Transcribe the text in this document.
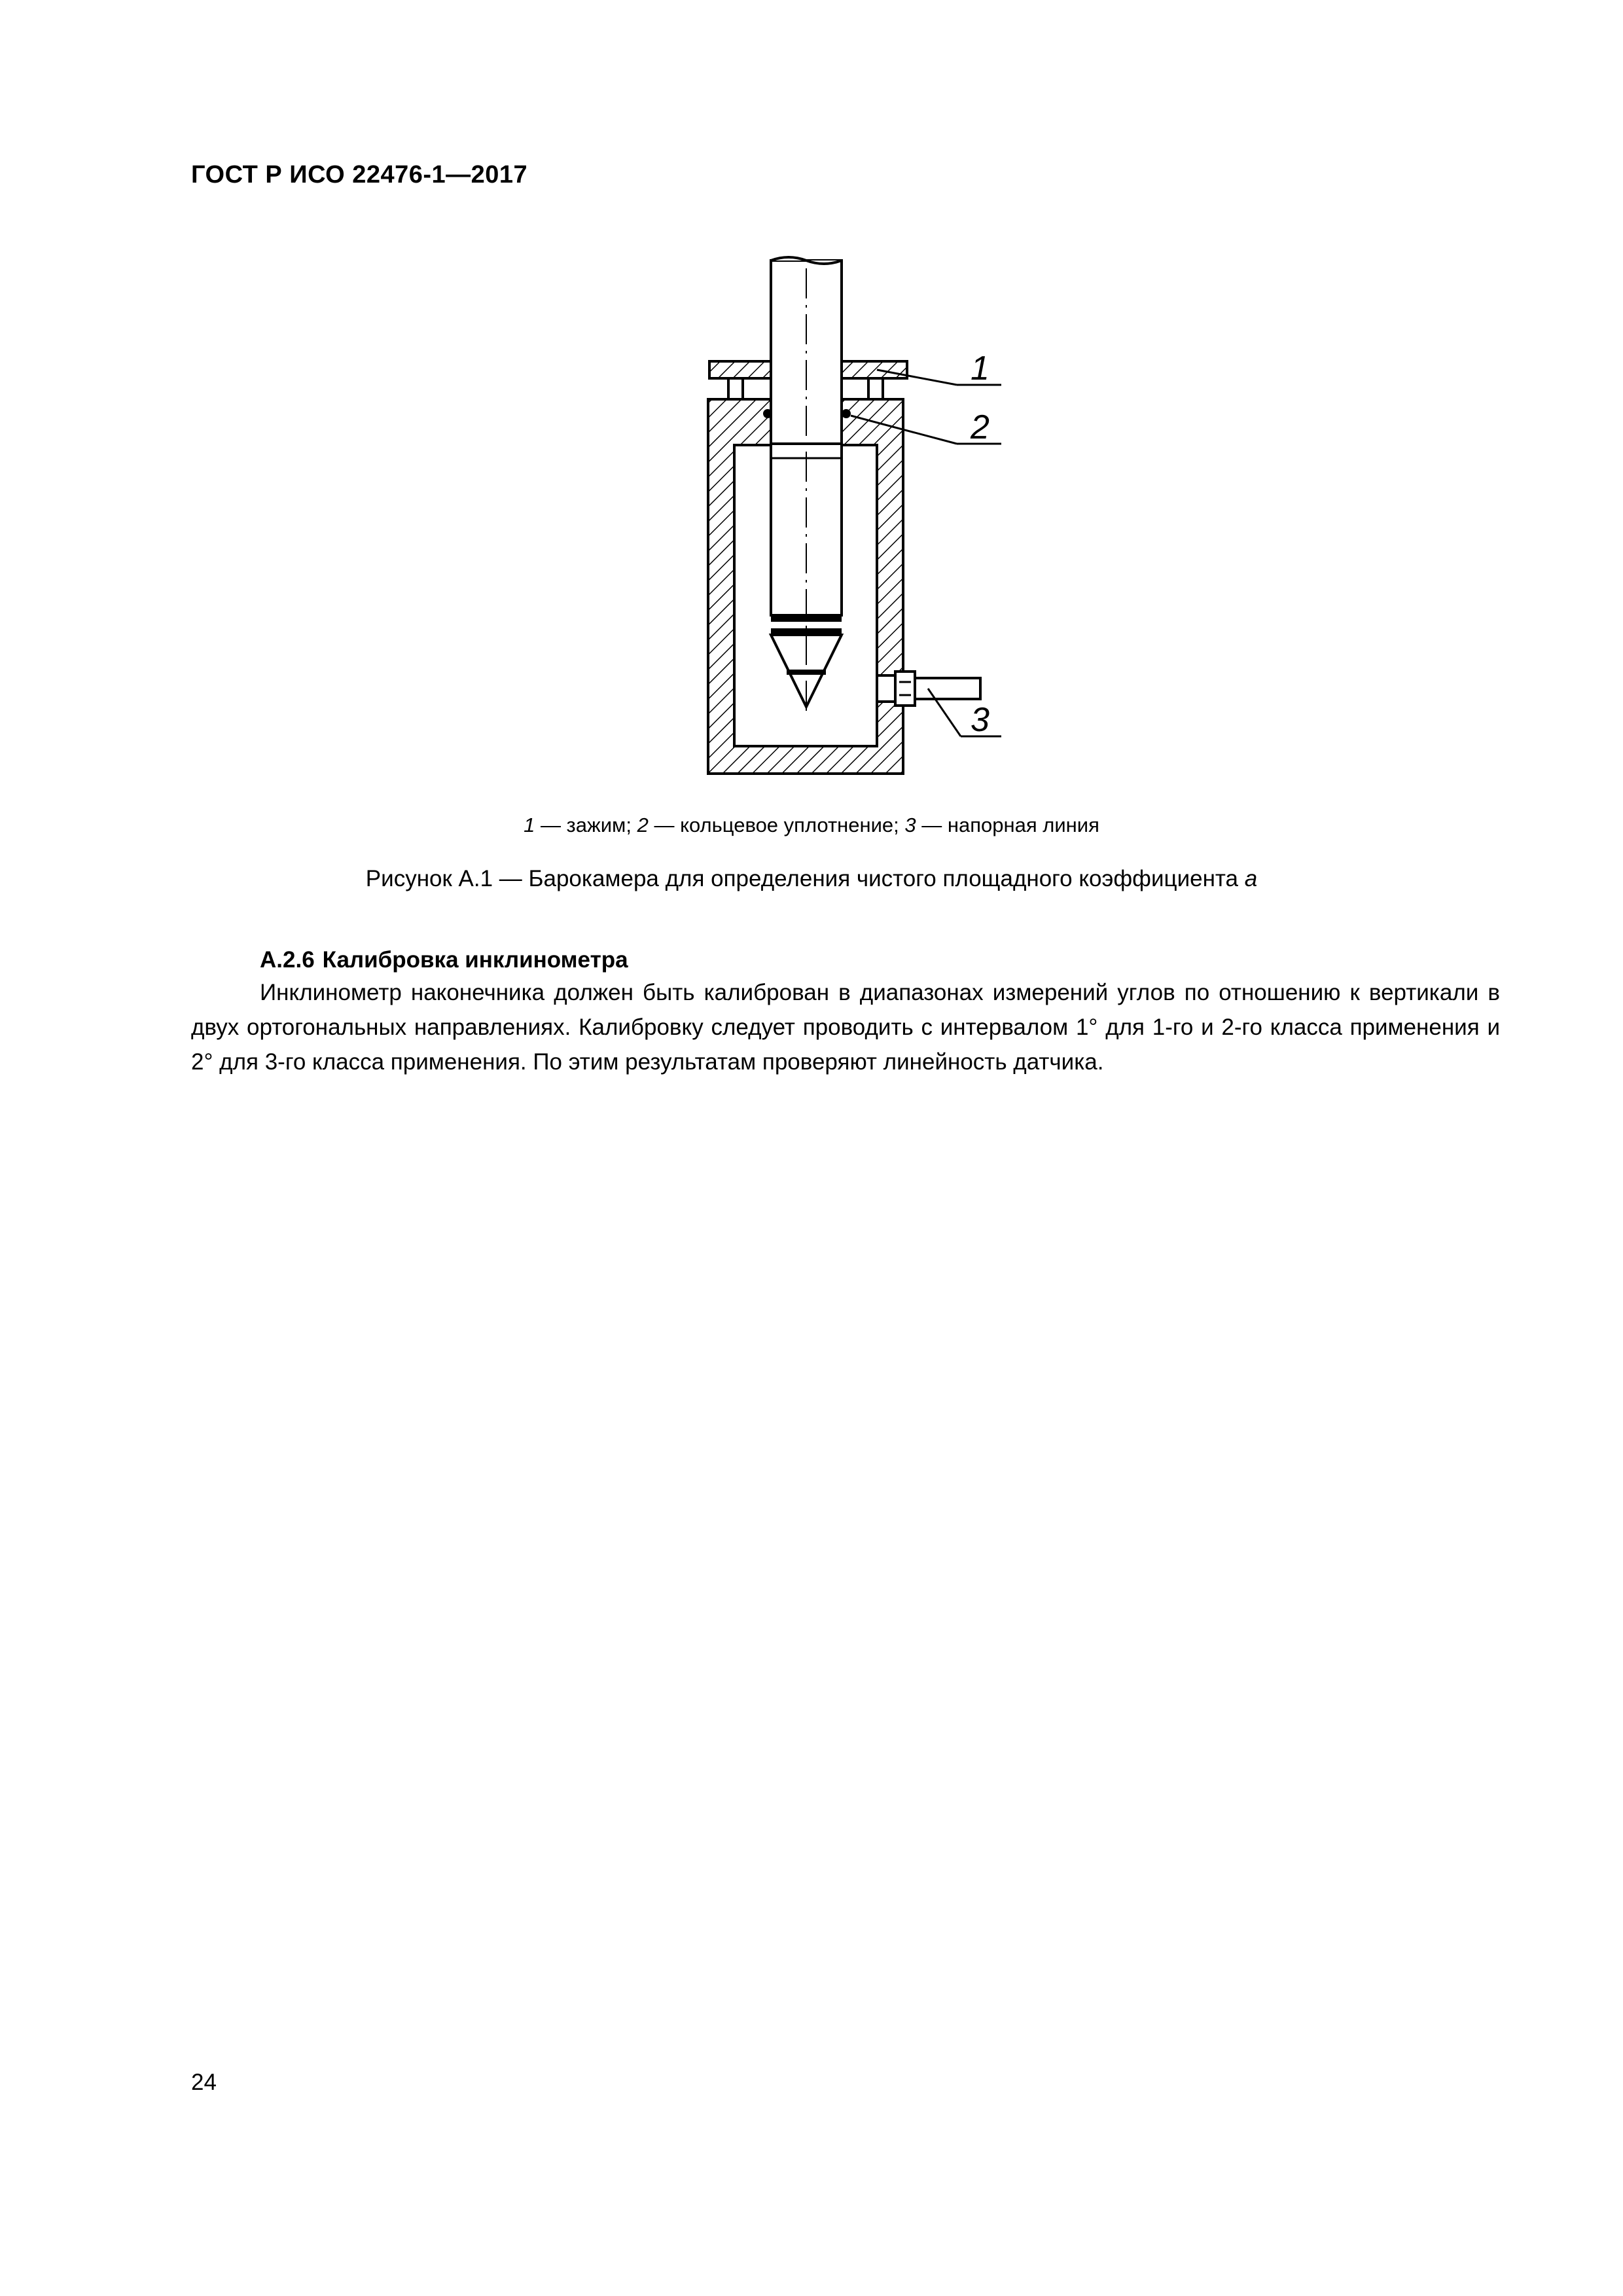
ГОСТ Р ИСО 22476-1—2017
1
2
3
1 — зажим; 2 — кольцевое уплотнение; 3 — напорная линия
Рисунок А.1 — Барокамера для определения чистого площадного коэффициента a
А.2.6 Калибровка инклинометра

Инклинометр наконечника должен быть калиброван в диапазонах измерений углов по отношению к вертикали в двух ортогональных направлениях. Калибровку следует проводить с интервалом 1° для 1-го и 2-го класса применения и 2° для 3-го класса применения. По этим результатам проверяют линейность датчика.

24
